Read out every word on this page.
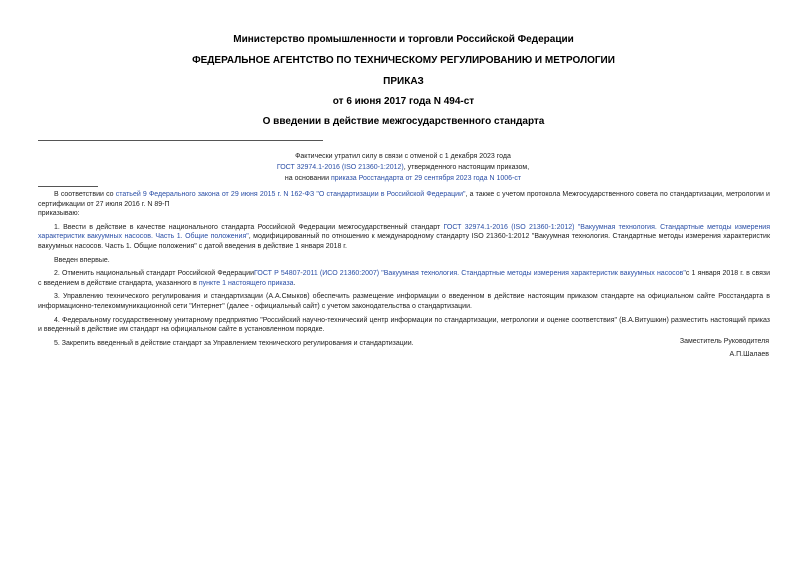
Министерство промышленности и торговли Российской Федерации
ФЕДЕРАЛЬНОЕ АГЕНТСТВО ПО ТЕХНИЧЕСКОМУ РЕГУЛИРОВАНИЮ И МЕТРОЛОГИИ
ПРИКАЗ
от 6 июня 2017 года N 494-ст
О введении в действие межгосударственного стандарта
Фактически утратил силу в связи с отменой с 1 декабря 2023 года
ГОСТ 32974.1-2016 (ISO 21360-1:2012), утвержденного настоящим приказом,
на основании приказа Росстандарта от 29 сентября 2023 года N 1006-ст

В соответствии со статьей 9 Федерального закона от 29 июня 2015 г. N 162-ФЗ "О стандартизации в Российской Федерации", а также с учетом протокола Межгосударственного совета по стандартизации, метрологии и сертификации от 27 июля 2016 г. N 89-П

приказываю:

1. Ввести в действие в качестве национального стандарта Российской Федерации межгосударственный стандарт ГОСТ 32974.1-2016 (ISO 21360-1:2012) "Вакуумная технология. Стандартные методы измерения характеристик вакуумных насосов. Часть 1. Общие положения", модифицированный по отношению к международному стандарту ISO 21360-1:2012 "Вакуумная технология. Стандартные методы измерения характеристик вакуумных насосов. Часть 1. Общие положения" с датой введения в действие 1 января 2018 г.

Введен впервые.

2. Отменить национальный стандарт Российской ФедерацииГОСТ Р 54807-2011 (ИСО 21360:2007) "Вакуумная технология. Стандартные методы измерения характеристик вакуумных насосов"с 1 января 2018 г. в связи с введением в действие стандарта, указанного в пункте 1 настоящего приказа.

3. Управлению технического регулирования и стандартизации (А.А.Смыков) обеспечить размещение информации о введенном в действие настоящим приказом стандарте на официальном сайте Росстандарта в информационно-телекоммуникационной сети "Интернет" (далее - официальный сайт) с учетом законодательства о стандартизации.

4. Федеральному государственному унитарному предприятию "Российский научно-технический центр информации по стандартизации, метрологии и оценке соответствия" (В.А.Витушкин) разместить настоящий приказ и введенный в действие им стандарт на официальном сайте в установленном порядке.

5. Закрепить введенный в действие стандарт за Управлением технического регулирования и стандартизации.	Заместитель Руководителя
А.П.Шалаев
